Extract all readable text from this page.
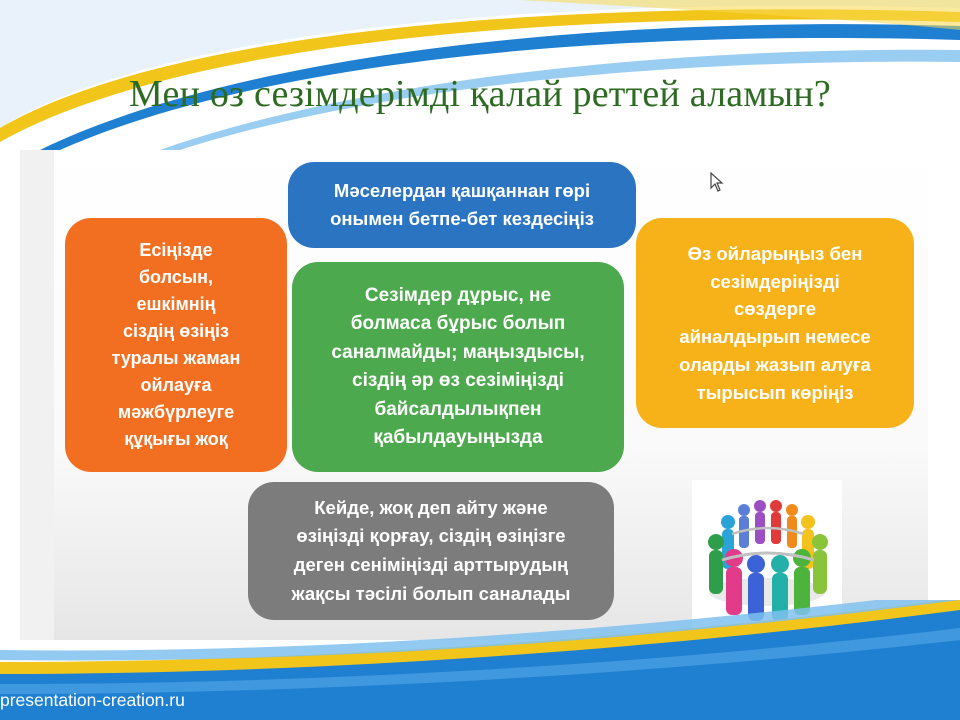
Мен өз сезімдерімді қалай реттей аламын?
Есіңізде
болсын,
ешкімнің
сіздің өзіңіз
туралы жаман
ойлауға
мәжбүрлеуге
құқығы жоқ
Мәселердан қашқаннан гөрі
онымен бетпе-бет кездесіңіз
Сезімдер дұрыс, не
болмаса бұрыс болып
саналмайды; маңыздысы,
сіздің әр өз сезіміңізді
байсалдылықпен
қабылдауыңызда
Өз ойларыңыз бен
сезімдеріңізді
сөздерге
айналдырып немесе
оларды жазып алуға
тырысып көріңіз
Кейде, жоқ деп айту және
өзіңізді қорғау, сіздің өзіңізге
деген сеніміңізді арттырудың
жақсы тәсілі болып саналады
presentation-creation.ru
